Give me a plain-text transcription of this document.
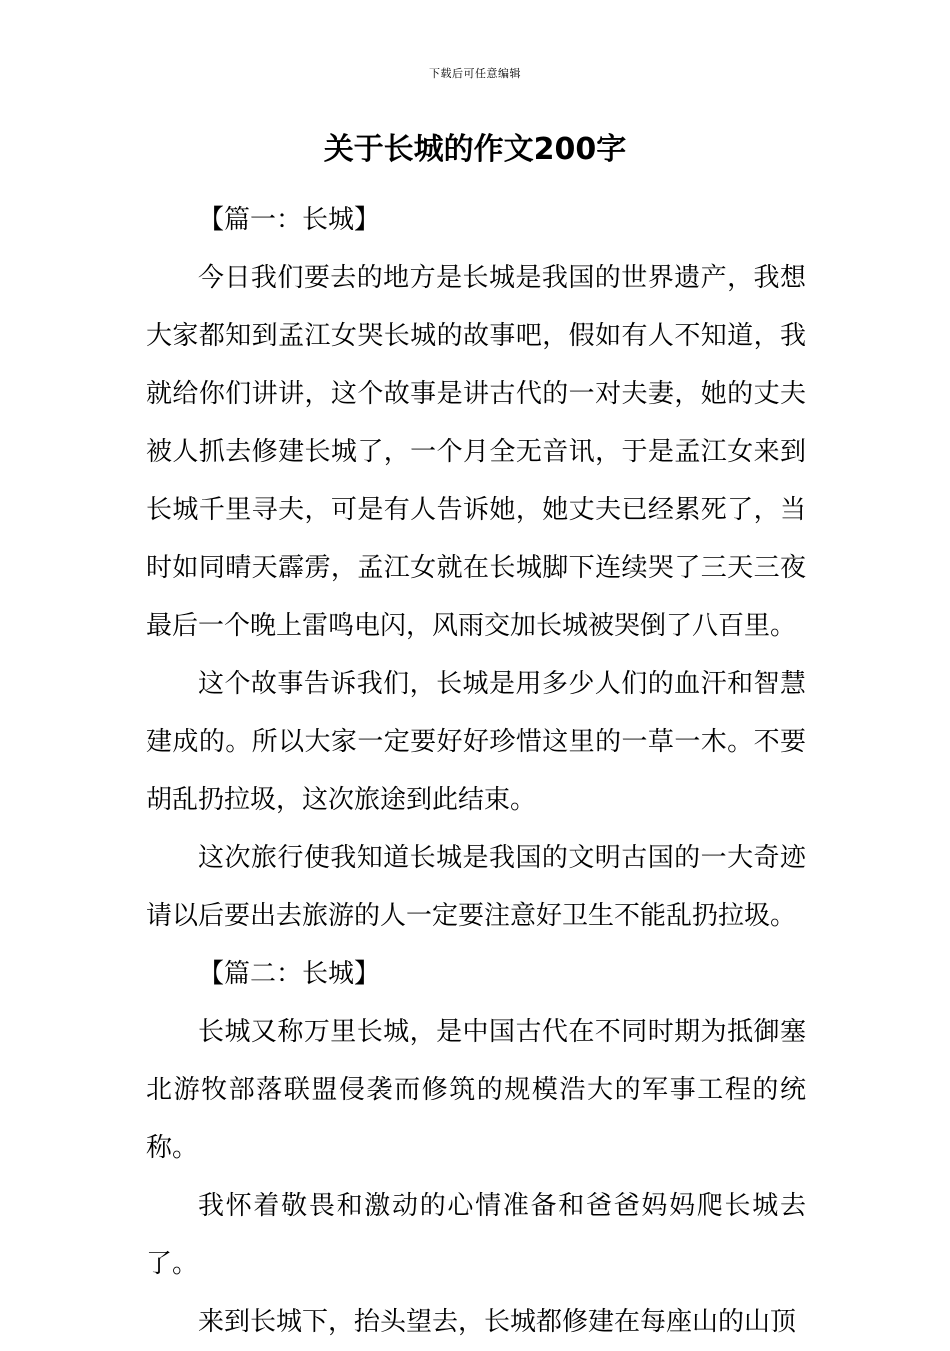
下载后可任意编辑
关于长城的作文200字

【篇一：长城】

今日我们要去的地方是长城是我国的世界遗产，我想大家都知到孟江女哭长城的故事吧，假如有人不知道，我就给你们讲讲，这个故事是讲古代的一对夫妻，她的丈夫被人抓去修建长城了，一个月全无音讯，于是孟江女来到长城千里寻夫，可是有人告诉她，她丈夫已经累死了，当时如同晴天霹雳，孟江女就在长城脚下连续哭了三天三夜最后一个晚上雷鸣电闪，风雨交加长城被哭倒了八百里。

这个故事告诉我们，长城是用多少人们的血汗和智慧建成的。所以大家一定要好好珍惜这里的一草一木。不要胡乱扔拉圾，这次旅途到此结束。

这次旅行使我知道长城是我国的文明古国的一大奇迹请以后要出去旅游的人一定要注意好卫生不能乱扔拉圾。

【篇二：长城】

长城又称万里长城，是中国古代在不同时期为抵御塞北游牧部落联盟侵袭而修筑的规模浩大的军事工程的统称。

我怀着敬畏和激动的心情准备和爸爸妈妈爬长城去了。

来到长城下，抬头望去，长城都修建在每座山的山顶
